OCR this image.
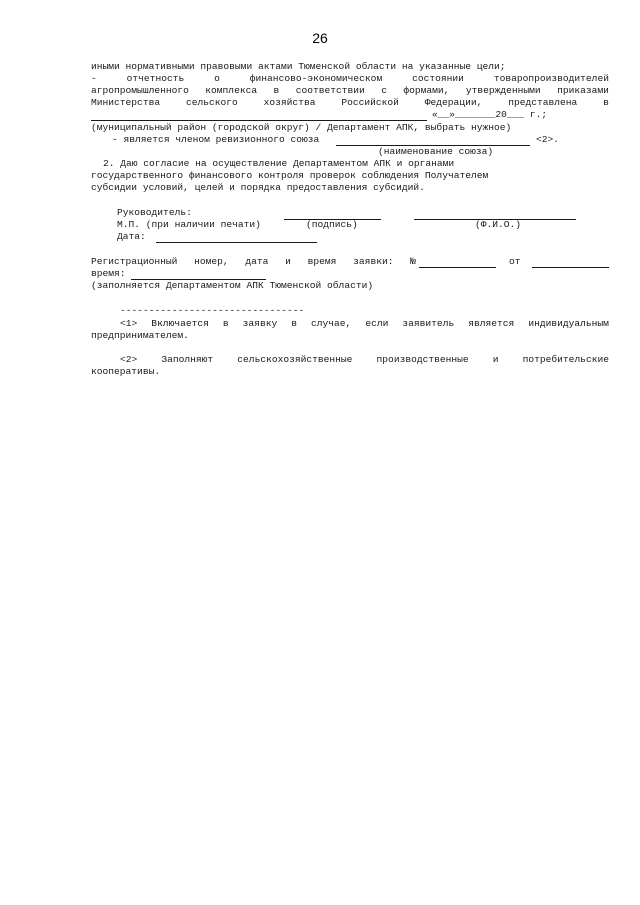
26
иными нормативными правовыми актами Тюменской области на указанные цели;
-	отчетность	о	финансово-экономическом	состоянии	товаропроизводителей
агропромышленного комплекса в соответствии с формами, утвержденными приказами
Министерства	сельского	хозяйства	Российской	Федерации,	представлена	в
«__»_______20___ г.;
(муниципальный район (городской округ) / Департамент АПК, выбрать нужное)
- является членом ревизионного союза	<2>.
(наименование союза)
2. Даю согласие на осуществление Департаментом АПК и органами
государственного финансового контроля проверок соблюдения Получателем
субсидии условий, целей и порядка предоставления субсидий.
Руководитель:
М.П. (при наличии печати)	(подпись)	(Ф.И.О.)
Дата:
Регистрационный номер, дата и время заявки: №	от
время:
(заполняется Департаментом АПК Тюменской области)
--------------------------------
<1> Включается в заявку в случае, если заявитель является индивидуальным
предпринимателем.
<2>	Заполняют	сельскохозяйственные	производственные	и	потребительские
кооперативы.
